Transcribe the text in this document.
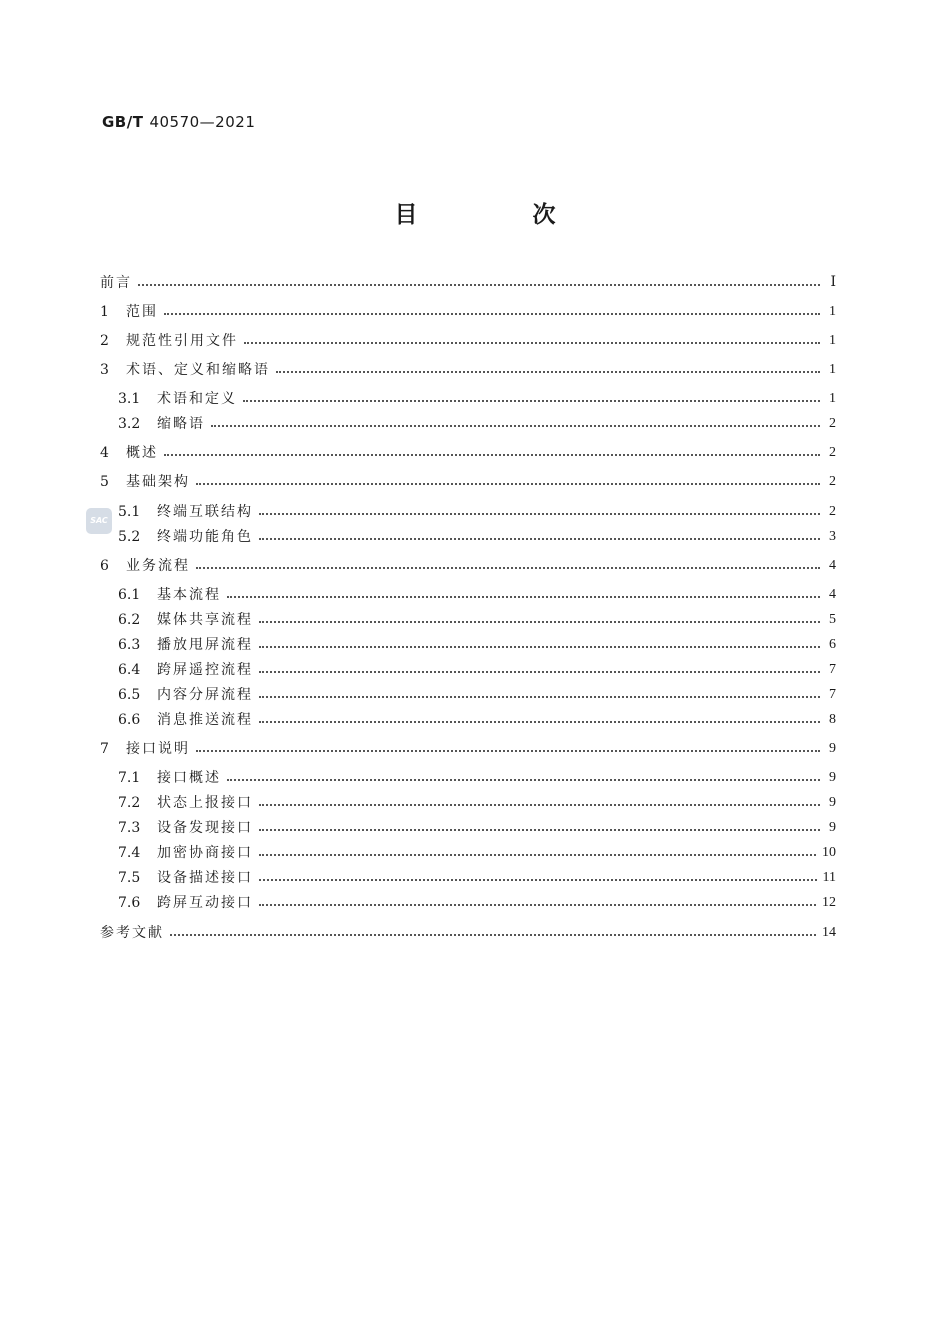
GB/T 40570—2021
目　次
SAC
前言	Ⅰ
1	范围	1
2	规范性引用文件	1
3	术语、定义和缩略语	1
3.1	术语和定义	1
3.2	缩略语	2
4	概述	2
5	基础架构	2
5.1	终端互联结构	2
5.2	终端功能角色	3
6	业务流程	4
6.1	基本流程	4
6.2	媒体共享流程	5
6.3	播放甩屏流程	6
6.4	跨屏遥控流程	7
6.5	内容分屏流程	7
6.6	消息推送流程	8
7	接口说明	9
7.1	接口概述	9
7.2	状态上报接口	9
7.3	设备发现接口	9
7.4	加密协商接口	10
7.5	设备描述接口	11
7.6	跨屏互动接口	12
参考文献	14
